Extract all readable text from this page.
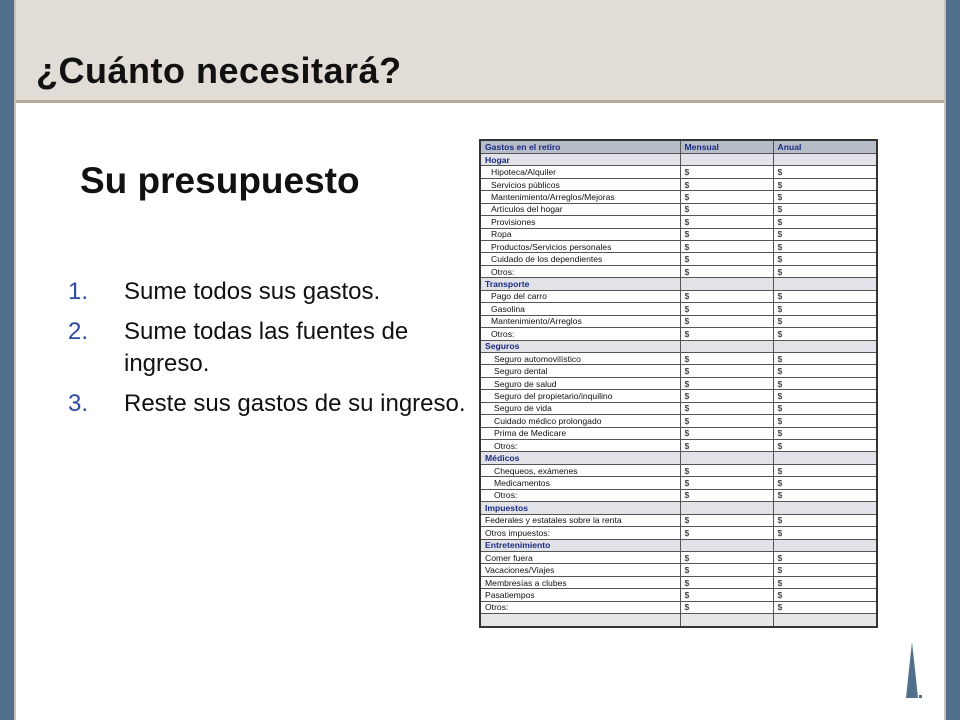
¿Cuánto necesitará?
Su presupuesto
1.	Sume todos sus gastos.
2.	Sume todas las fuentes de ingreso.
3.	Reste sus gastos de su ingreso.
Gastos en el retiro	Mensual	Anual
Hogar		
Hipoteca/Alquiler	$	$
Servicios públicos	$	$
Mantenimiento/Arreglos/Mejoras	$	$
Artículos del hogar	$	$
Provisiones	$	$
Ropa	$	$
Productos/Servicios personales	$	$
Cuidado de los dependientes	$	$
Otros:	$	$
Transporte		
Pago del carro	$	$
Gasolina	$	$
Mantenimiento/Arreglos	$	$
Otros:	$	$
Seguros		
Seguro automovilístico	$	$
Seguro dental	$	$
Seguro de salud	$	$
Seguro del propietario/inquilino	$	$
Seguro de vida	$	$
Cuidado médico prolongado	$	$
Prima de Medicare	$	$
Otros:	$	$
Médicos		
Chequeos, exámenes	$	$
Medicamentos	$	$
Otros:	$	$
Impuestos		
Federales y estatales sobre la renta	$	$
Otros impuestos:	$	$
Entretenimiento		
Comer fuera	$	$
Vacaciones/Viajes	$	$
Membresías a clubes	$	$
Pasatiempos	$	$
Otros:	$	$
